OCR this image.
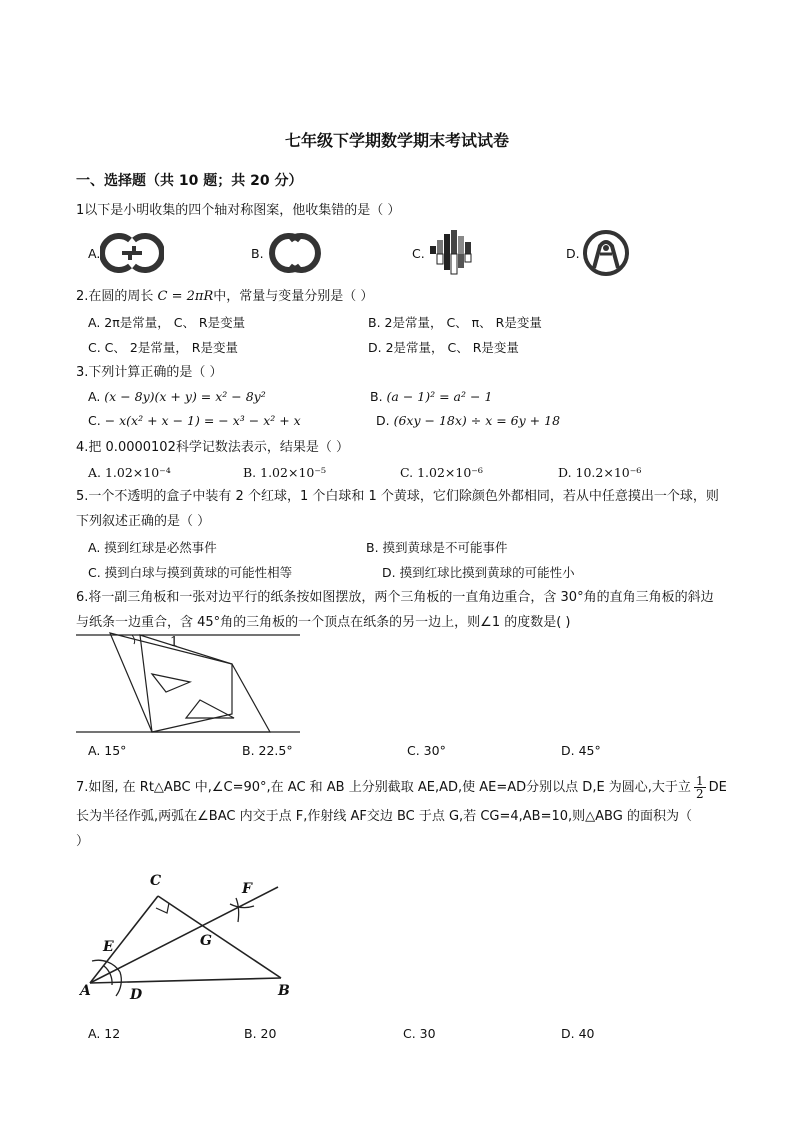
七年级下学期数学期末考试试卷
一、选择题（共 10 题；共 20 分）
1以下是小明收集的四个轴对称图案，他收集错的是（ ）
A.	B.	C.	D.
2.在圆的周长 C = 2πR中，常量与变量分别是（ ）
A. 2π是常量， C、 R是变量	B. 2是常量， C、 π、 R是变量
C. C、 2是常量， R是变量	D. 2是常量， C、 R是变量
3.下列计算正确的是（ ）
A. (x − 8y)(x + y) = x² − 8y²	B. (a − 1)² = a² − 1
C. − x(x² + x − 1) = − x³ − x² + x	D. (6xy − 18x) ÷ x = 6y + 18
4.把 0.0000102科学记数法表示，结果是（ ）
A. 1.02×10⁻⁴	B. 1.02×10⁻⁵	C. 1.02×10⁻⁶	D. 10.2×10⁻⁶
5.一个不透明的盒子中装有 2 个红球，1 个白球和 1 个黄球，它们除颜色外都相同，若从中任意摸出一个球，则下列叙述正确的是（ ）
A. 摸到红球是必然事件	B. 摸到黄球是不可能事件
C. 摸到白球与摸到黄球的可能性相等	D. 摸到红球比摸到黄球的可能性小
6.将一副三角板和一张对边平行的纸条按如图摆放，两个三角板的一直角边重合，含 30°角的直角三角板的斜边与纸条一边重合，含 45°角的三角板的一个顶点在纸条的另一边上，则∠1 的度数是( )
1
A. 15°	B. 22.5°	C. 30°	D. 45°
7.如图, 在 Rt△ABC 中,∠C=90°,在 AC 和 AB 上分别截取 AE,AD,使 AE=AD分别以点 D,E 为圆心,大于立 $\frac{1}{2}$ DE
长为半径作弧,两弧在∠BAC 内交于点 F,作射线 AF交边 BC 于点 G,若 CG=4,AB=10,则△ABG 的面积为（
）
C	F
E	G
A	D	B
A. 12	B. 20	C. 30	D. 40
